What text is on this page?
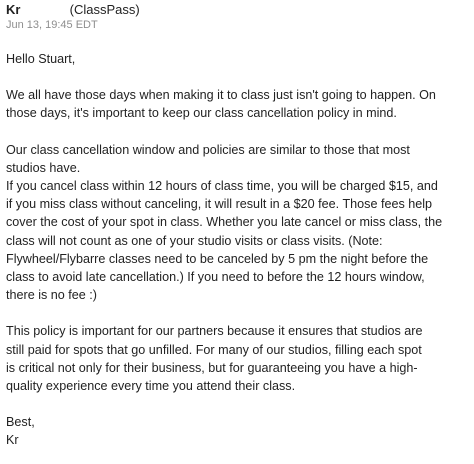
Kr	(ClassPass)
Jun 13, 19:45 EDT

Hello Stuart,

We all have those days when making it to class just isn't going to happen. On
those days, it's important to keep our class cancellation policy in mind.

Our class cancellation window and policies are similar to those that most
studios have.
If you cancel class within 12 hours of class time, you will be charged $15, and
if you miss class without canceling, it will result in a $20 fee. Those fees help
cover the cost of your spot in class. Whether you late cancel or miss class, the
class will not count as one of your studio visits or class visits. (Note:
Flywheel/Flybarre classes need to be canceled by 5 pm the night before the
class to avoid late cancellation.) If you need to before the 12 hours window,
there is no fee :)

This policy is important for our partners because it ensures that studios are
still paid for spots that go unfilled. For many of our studios, filling each spot
is critical not only for their business, but for guaranteeing you have a high-
quality experience every time you attend their class.

Best,
Kr
